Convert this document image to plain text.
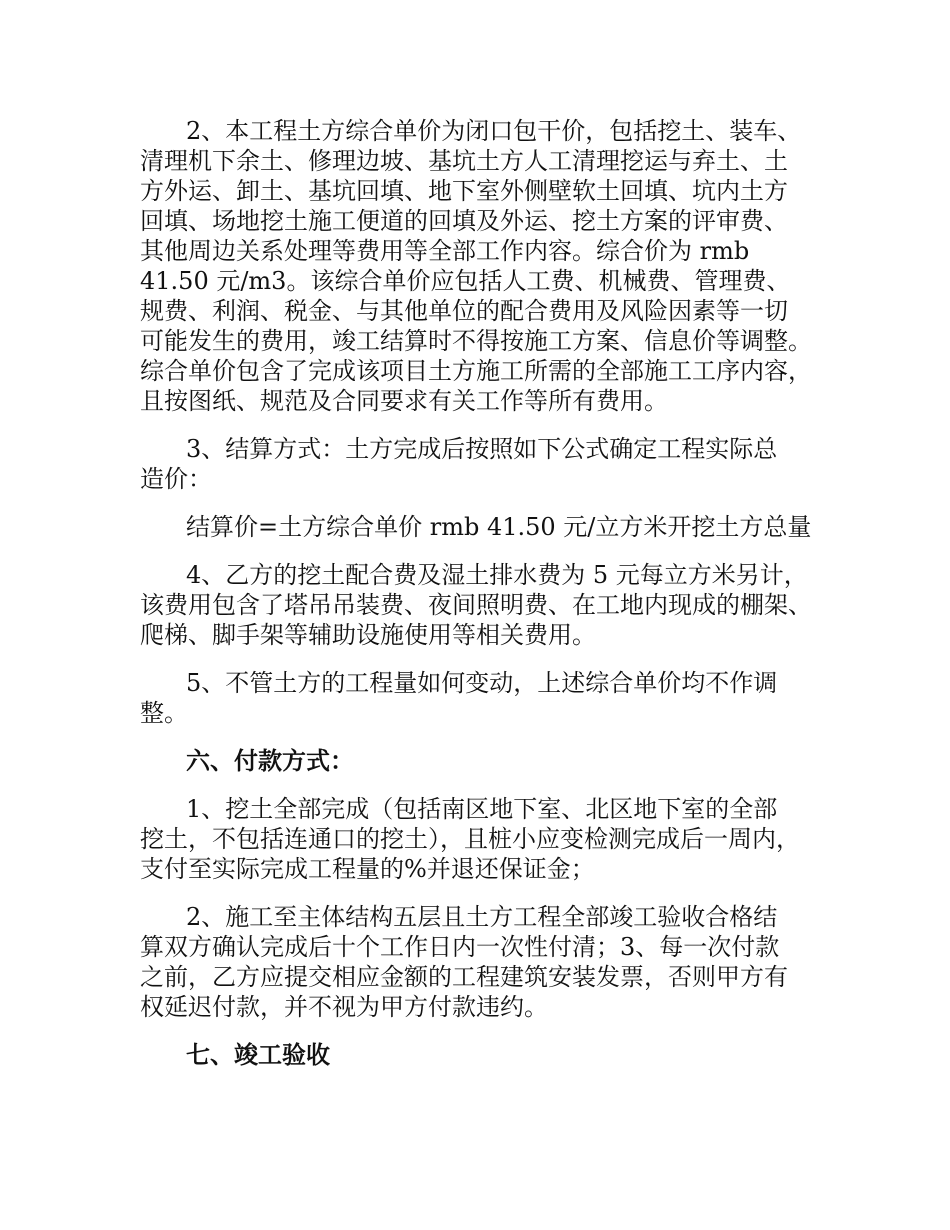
2、本工程土方综合单价为闭口包干价，包括挖土、装车、
清理机下余土、修理边坡、基坑土方人工清理挖运与弃土、土
方外运、卸土、基坑回填、地下室外侧壁软土回填、坑内土方
回填、场地挖土施工便道的回填及外运、挖土方案的评审费、
其他周边关系处理等费用等全部工作内容。综合价为 rmb
41.50 元/m3。该综合单价应包括人工费、机械费、管理费、
规费、利润、税金、与其他单位的配合费用及风险因素等一切
可能发生的费用，竣工结算时不得按施工方案、信息价等调整。
综合单价包含了完成该项目土方施工所需的全部施工工序内容，
且按图纸、规范及合同要求有关工作等所有费用。
3、结算方式：土方完成后按照如下公式确定工程实际总
造价：
结算价=土方综合单价 rmb 41.50 元/立方米开挖土方总量
4、乙方的挖土配合费及湿土排水费为 5 元每立方米另计，
该费用包含了塔吊吊装费、夜间照明费、在工地内现成的棚架、
爬梯、脚手架等辅助设施使用等相关费用。
5、不管土方的工程量如何变动，上述综合单价均不作调
整。
六、付款方式：
1、挖土全部完成（包括南区地下室、北区地下室的全部
挖土，不包括连通口的挖土），且桩小应变检测完成后一周内，
支付至实际完成工程量的%并退还保证金；
2、施工至主体结构五层且土方工程全部竣工验收合格结
算双方确认完成后十个工作日内一次性付清；3、每一次付款
之前，乙方应提交相应金额的工程建筑安装发票，否则甲方有
权延迟付款，并不视为甲方付款违约。
七、竣工验收
